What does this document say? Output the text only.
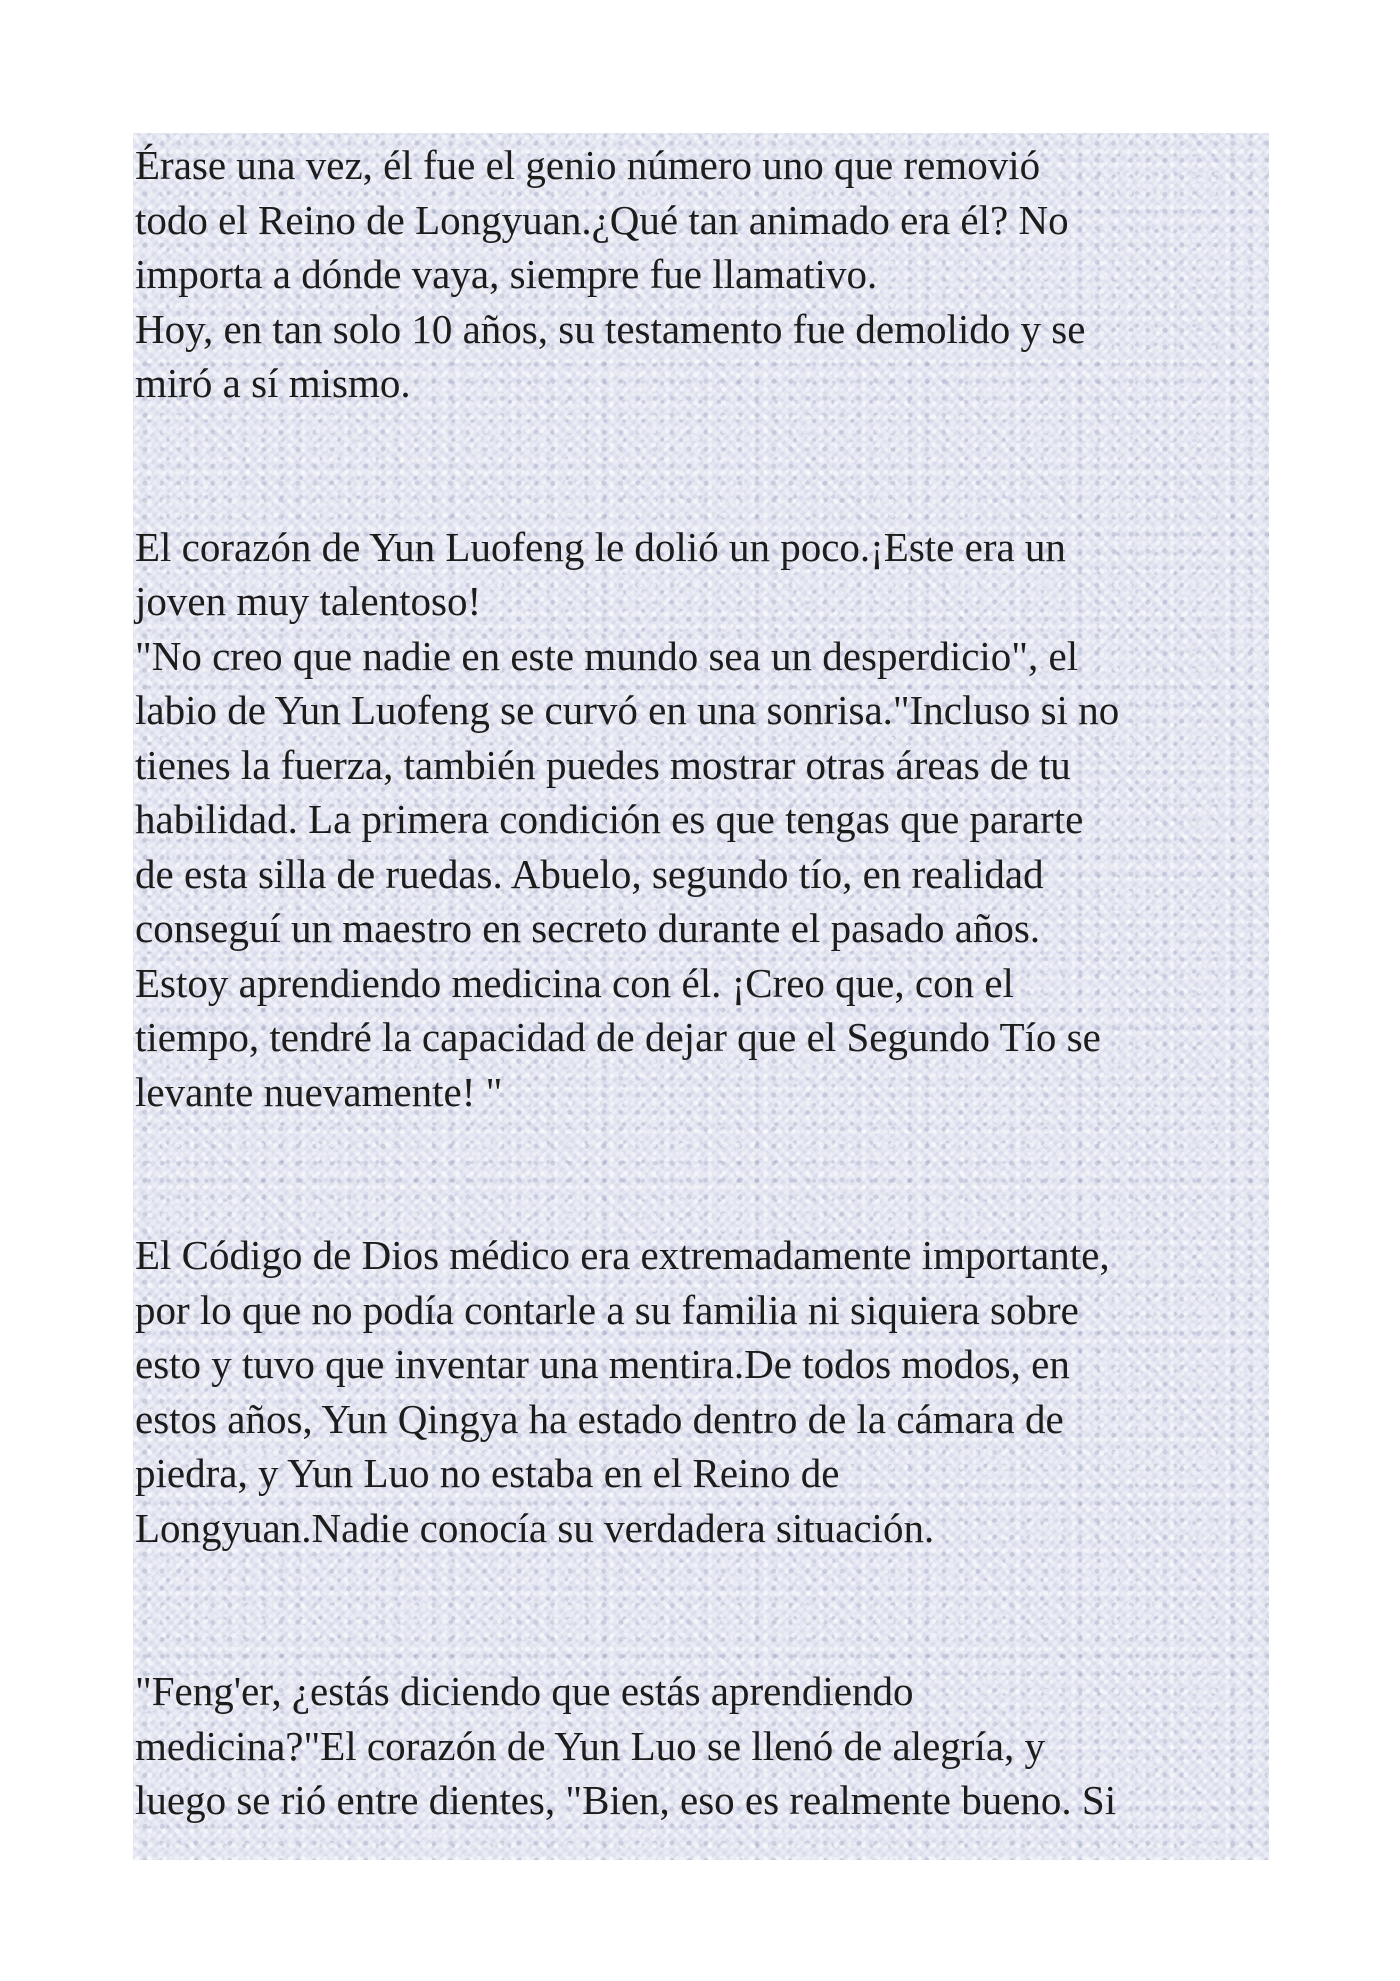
Érase una vez, él fue el genio número uno que removió
todo el Reino de Longyuan.¿Qué tan animado era él? No
importa a dónde vaya, siempre fue llamativo.
Hoy, en tan solo 10 años, su testamento fue demolido y se
miró a sí mismo.
El corazón de Yun Luofeng le dolió un poco.¡Este era un
joven muy talentoso!
"No creo que nadie en este mundo sea un desperdicio", el
labio de Yun Luofeng se curvó en una sonrisa."Incluso si no
tienes la fuerza, también puedes mostrar otras áreas de tu
habilidad. La primera condición es que tengas que pararte
de esta silla de ruedas. Abuelo, segundo tío, en realidad
conseguí un maestro en secreto durante el pasado años.
Estoy aprendiendo medicina con él. ¡Creo que, con el
tiempo, tendré la capacidad de dejar que el Segundo Tío se
levante nuevamente! "
El Código de Dios médico era extremadamente importante,
por lo que no podía contarle a su familia ni siquiera sobre
esto y tuvo que inventar una mentira.De todos modos, en
estos años, Yun Qingya ha estado dentro de la cámara de
piedra, y Yun Luo no estaba en el Reino de
Longyuan.Nadie conocía su verdadera situación.
"Feng'er, ¿estás diciendo que estás aprendiendo
medicina?"El corazón de Yun Luo se llenó de alegría, y
luego se rió entre dientes, "Bien, eso es realmente bueno. Si
